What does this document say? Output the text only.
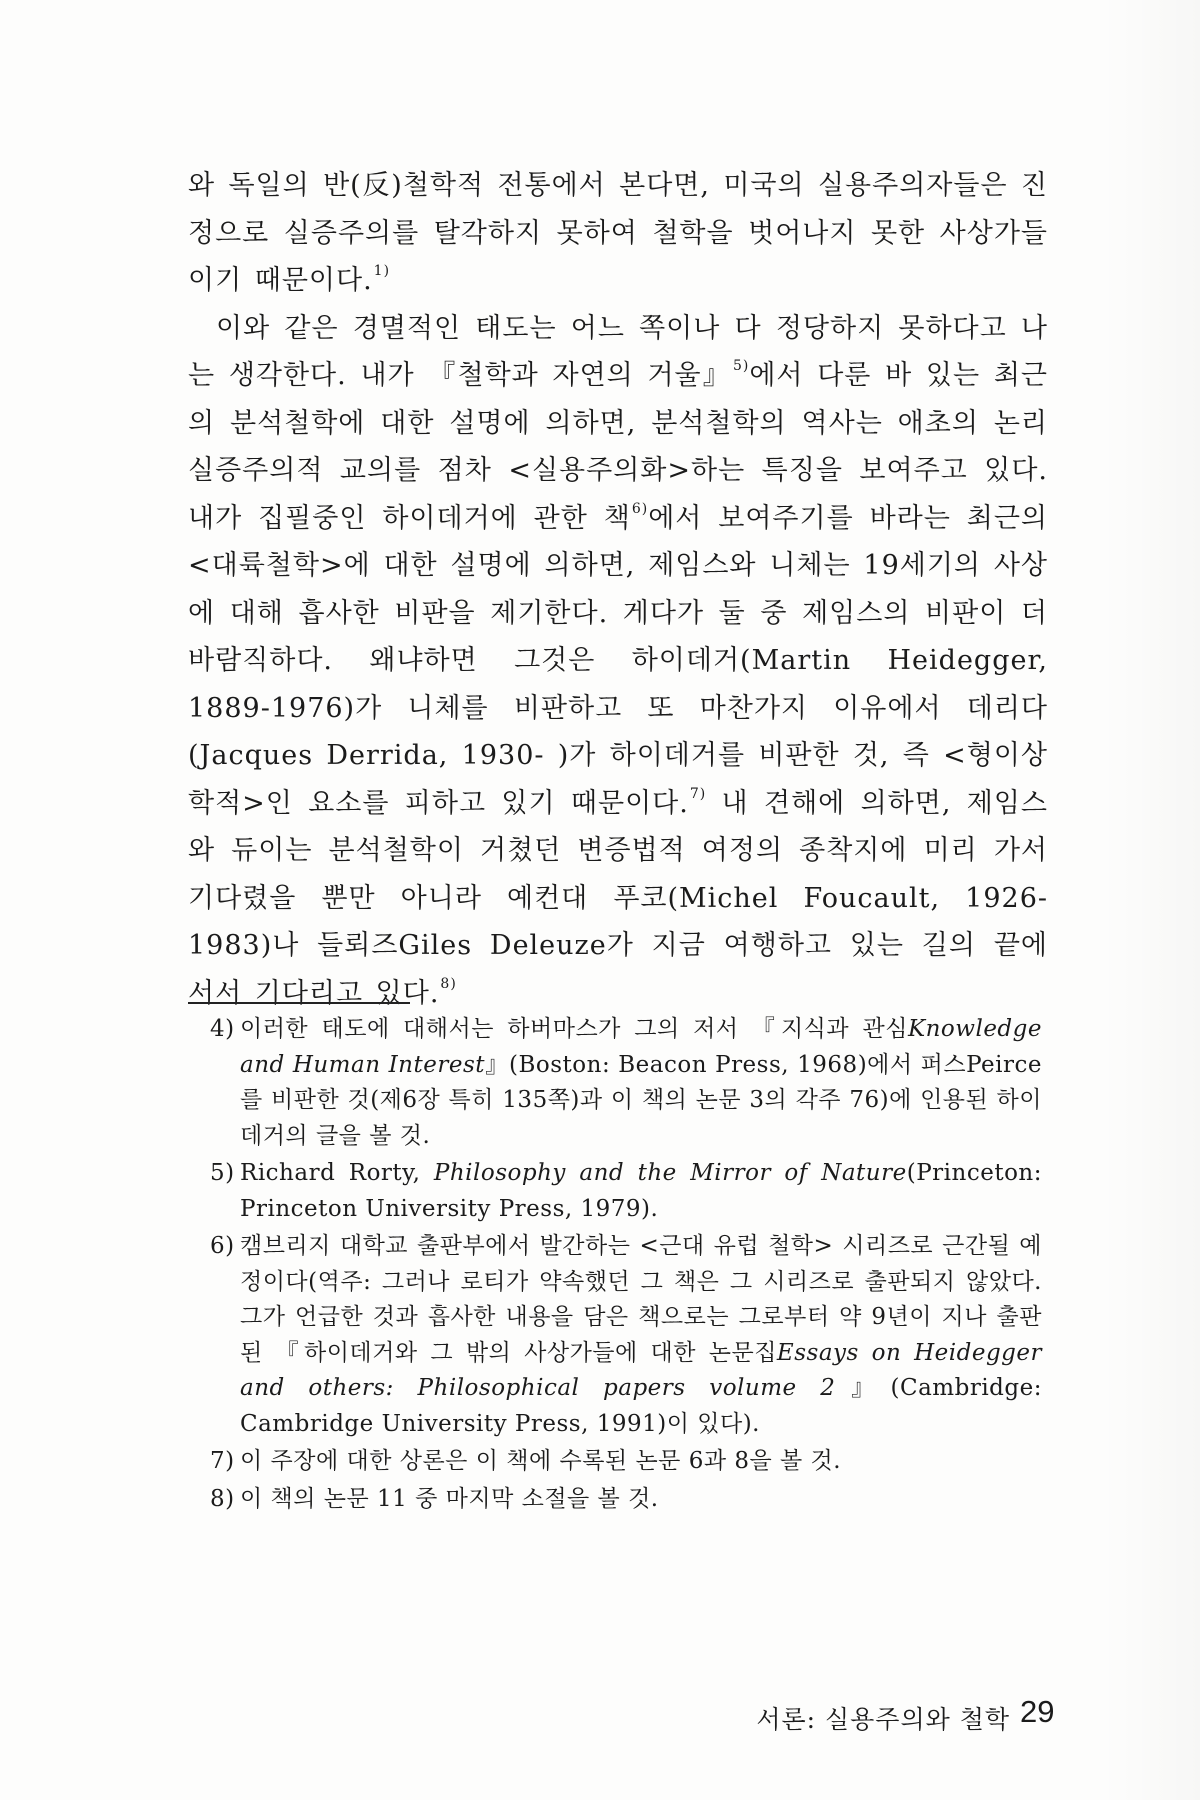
와 독일의 반(反)철학적 전통에서 본다면, 미국의 실용주의자들은 진정으로 실증주의를 탈각하지 못하여 철학을 벗어나지 못한 사상가들이기 때문이다.$^{1)}$

이와 같은 경멸적인 태도는 어느 쪽이나 다 정당하지 못하다고 나는 생각한다. 내가 『철학과 자연의 거울』$^{5)}$에서 다룬 바 있는 최근의 분석철학에 대한 설명에 의하면, 분석철학의 역사는 애초의 논리실증주의적 교의를 점차 <실용주의화>하는 특징을 보여주고 있다. 내가 집필중인 하이데거에 관한 책$^{6)}$에서 보여주기를 바라는 최근의 <대륙철학>에 대한 설명에 의하면, 제임스와 니체는 19세기의 사상에 대해 흡사한 비판을 제기한다. 게다가 둘 중 제임스의 비판이 더 바람직하다. 왜냐하면 그것은 하이데거(Martin Heidegger, 1889-1976)가 니체를 비판하고 또 마찬가지 이유에서 데리다(Jacques Derrida, 1930- )가 하이데거를 비판한 것, 즉 <형이상학적>인 요소를 피하고 있기 때문이다.$^{7)}$ 내 견해에 의하면, 제임스와 듀이는 분석철학이 거쳤던 변증법적 여정의 종착지에 미리 가서 기다렸을 뿐만 아니라 예컨대 푸코(Michel Foucault, 1926-1983)나 들뢰즈Giles Deleuze가 지금 여행하고 있는 길의 끝에 서서 기다리고 있다.$^{8)}$

4) 이러한 태도에 대해서는 하버마스가 그의 저서 『지식과 관심Knowledge and Human Interest』(Boston: Beacon Press, 1968)에서 퍼스Peirce를 비판한 것(제6장 특히 135쪽)과 이 책의 논문 3의 각주 76)에 인용된 하이데거의 글을 볼 것.
5) Richard Rorty, Philosophy and the Mirror of Nature(Princeton: Princeton University Press, 1979).
6) 캠브리지 대학교 출판부에서 발간하는 <근대 유럽 철학> 시리즈로 근간될 예정이다(역주: 그러나 로티가 약속했던 그 책은 그 시리즈로 출판되지 않았다. 그가 언급한 것과 흡사한 내용을 담은 책으로는 그로부터 약 9년이 지나 출판된 『하이데거와 그 밖의 사상가들에 대한 논문집Essays on Heidegger and others: Philosophical papers volume 2』(Cambridge: Cambridge University Press, 1991)이 있다).
7) 이 주장에 대한 상론은 이 책에 수록된 논문 6과 8을 볼 것.
8) 이 책의 논문 11 중 마지막 소절을 볼 것.
서론: 실용주의와 철학 29
